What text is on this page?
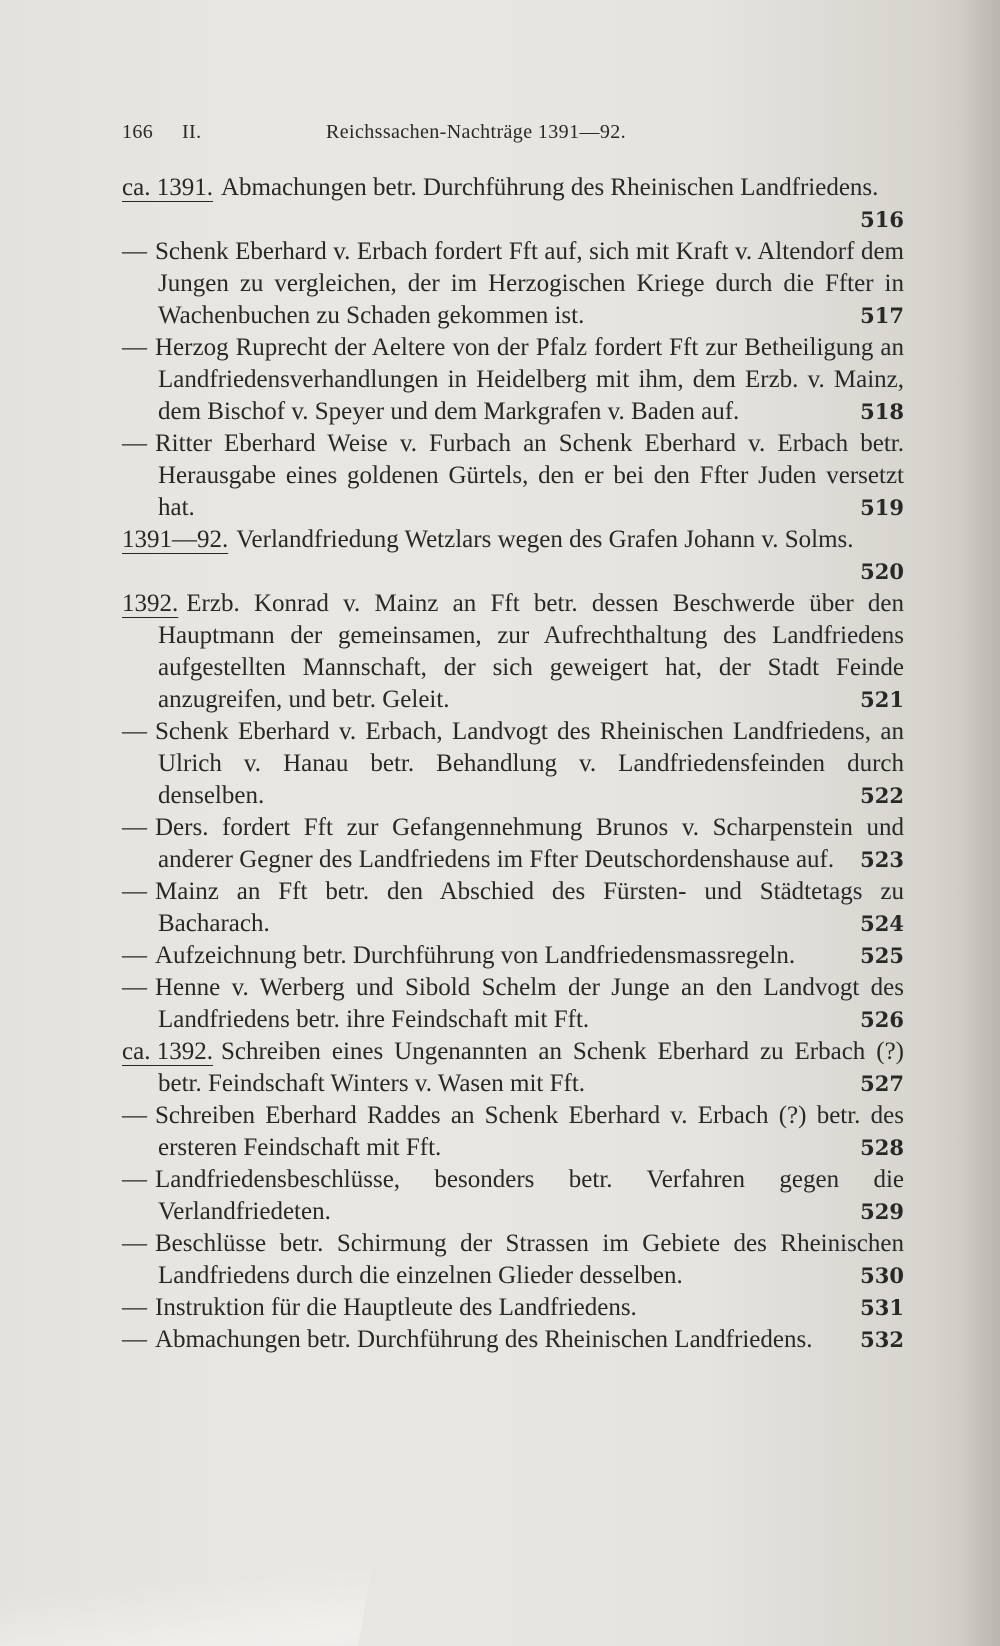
166 II.	Reichssachen-Nachträge 1391—92.
ca. 1391. Abmachungen betr. Durchführung des Rheinischen Landfriedens.
516
— Schenk Eberhard v. Erbach fordert Fft auf, sich mit Kraft v. Altendorf dem Jungen zu vergleichen, der im Herzogischen Kriege durch die Ffter in Wachenbuchen zu Schaden gekommen ist.	517
— Herzog Ruprecht der Aeltere von der Pfalz fordert Fft zur Betheiligung an Landfriedensverhandlungen in Heidelberg mit ihm, dem Erzb. v. Mainz, dem Bischof v. Speyer und dem Markgrafen v. Baden auf.	518
— Ritter Eberhard Weise v. Furbach an Schenk Eberhard v. Erbach betr. Herausgabe eines goldenen Gürtels, den er bei den Ffter Juden versetzt hat.	519
1391—92. Verlandfriedung Wetzlars wegen des Grafen Johann v. Solms.
520
1392. Erzb. Konrad v. Mainz an Fft betr. dessen Beschwerde über den Hauptmann der gemeinsamen, zur Aufrechthaltung des Landfriedens aufgestellten Mannschaft, der sich geweigert hat, der Stadt Feinde anzugreifen, und betr. Geleit.	521
— Schenk Eberhard v. Erbach, Landvogt des Rheinischen Landfriedens, an Ulrich v. Hanau betr. Behandlung v. Landfriedensfeinden durch denselben.	522
— Ders. fordert Fft zur Gefangennehmung Brunos v. Scharpenstein und anderer Gegner des Landfriedens im Ffter Deutschordenshause auf. 523
— Mainz an Fft betr. den Abschied des Fürsten- und Städtetags zu Bacharach.	524
— Aufzeichnung betr. Durchführung von Landfriedensmassregeln.	525
— Henne v. Werberg und Sibold Schelm der Junge an den Landvogt des Landfriedens betr. ihre Feindschaft mit Fft.	526
ca. 1392. Schreiben eines Ungenannten an Schenk Eberhard zu Erbach (?) betr. Feindschaft Winters v. Wasen mit Fft.	527
— Schreiben Eberhard Raddes an Schenk Eberhard v. Erbach (?) betr. des ersteren Feindschaft mit Fft.	528
— Landfriedensbeschlüsse, besonders betr. Verfahren gegen die Verlandfriedeten.	529
— Beschlüsse betr. Schirmung der Strassen im Gebiete des Rheinischen Landfriedens durch die einzelnen Glieder desselben.	530
— Instruktion für die Hauptleute des Landfriedens.	531
— Abmachungen betr. Durchführung des Rheinischen Landfriedens. 532
